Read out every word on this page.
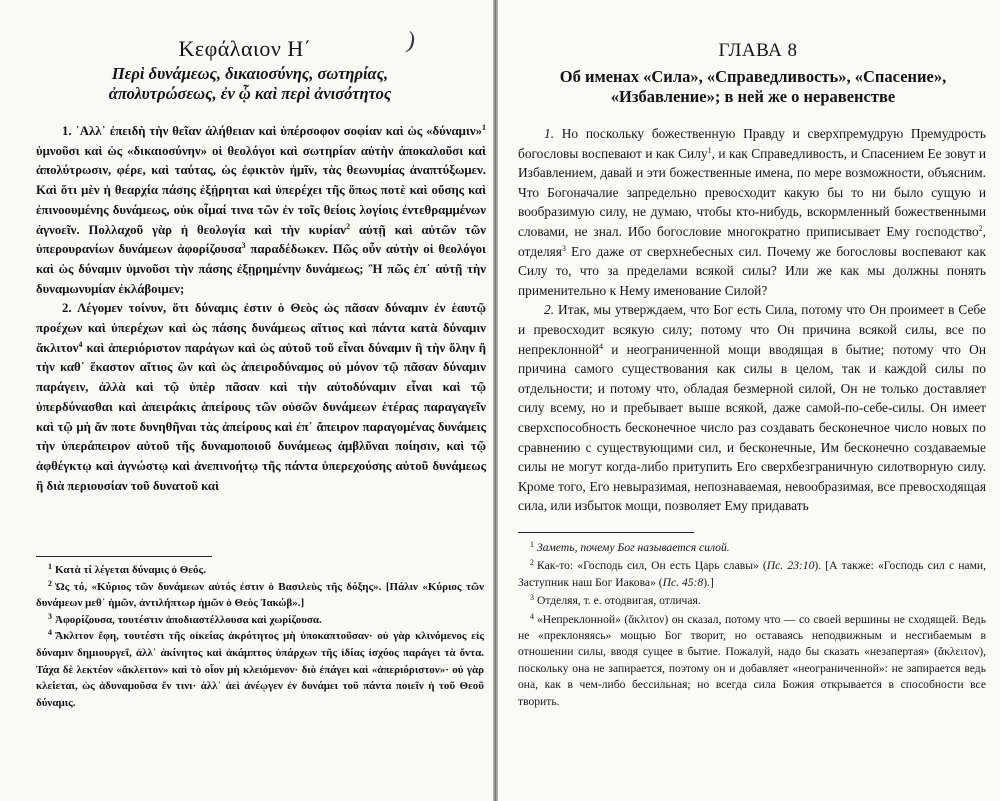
Κεφάλαιον Η΄	)
Περὶ δυνάμεως, δικαιοσύνης, σωτηρίας,
ἀπολυτρώσεως, ἐν ᾧ καὶ περὶ ἀνισότητος

1. ᾿Αλλ᾽ ἐπειδὴ τὴν θεῖαν ἀλήθειαν καὶ ὑπέρσοφον σοφίαν καὶ ὡς «δύναμιν»$^1$ ὑμνοῦσι καὶ ὡς «δικαιοσύνην» οἱ θεολόγοι καὶ σωτηρίαν αὐτὴν ἀποκαλοῦσι καὶ ἀπολύτρωσιν, φέρε, καὶ ταύτας, ὡς ἐφικτὸν ἡμῖν, τὰς θεωνυμίας ἀναπτύξωμεν. Καὶ ὅτι μὲν ἡ θεαρχία πάσης ἐξῄρηται καὶ ὑπερέχει τῆς ὅπως ποτὲ καὶ οὔσης καὶ ἐπινοουμένης δυνάμεως, οὐκ οἶμαί τινα τῶν ἐν τοῖς θείοις λογίοις ἐντεθραμμένων ἀγνοεῖν. Πολλαχοῦ γὰρ ἡ θεολογία καὶ τὴν κυρίαν$^2$ αὐτῇ καὶ αὐτῶν τῶν ὑπερουρανίων δυνάμεων ἀφορίζουσα$^3$ παραδέδωκεν. Πῶς οὖν αὐτὴν οἱ θεολόγοι καὶ ὡς δύναμιν ὑμνοῦσι τὴν πάσης ἐξῃρημένην δυνάμεως; Ἢ πῶς ἐπ᾽ αὐτῇ τὴν δυναμωνυμίαν ἐκλάβοιμεν;

2. Λέγομεν τοίνυν, ὅτι δύναμις ἐστιν ὁ Θεὸς ὡς πᾶσαν δύναμιν ἐν ἑαυτῷ προέχων καὶ ὑπερέχων καὶ ὡς πάσης δυνάμεως αἴτιος καὶ πάντα κατὰ δύναμιν ἄκλιτον$^4$ καὶ ἀπεριόριστον παράγων καὶ ὡς αὐτοῦ τοῦ εἶναι δύναμιν ἢ τὴν ὅλην ἢ τὴν καθ᾽ ἕκαστον αἴτιος ὢν καὶ ὡς ἀπειροδύναμος οὐ μόνον τῷ πᾶσαν δύναμιν παράγειν, ἀλλὰ καὶ τῷ ὑπὲρ πᾶσαν καὶ τὴν αὐτοδύναμιν εἶναι καὶ τῷ ὑπερδύνασθαι καὶ ἀπειράκις ἀπείρους τῶν οὐσῶν δυνάμεων ἑτέρας παραγαγεῖν καὶ τῷ μὴ ἄν ποτε δυνηθῆναι τὰς ἀπείρους καὶ ἐπ᾽ ἄπειρον παραγομένας δυνάμεις τὴν ὑπεράπειρον αὐτοῦ τῆς δυναμοποιοῦ δυνάμεως ἀμβλῦναι ποίησιν, καὶ τῷ ἀφθέγκτῳ καὶ ἀγνώστῳ καὶ ἀνεπινοήτῳ τῆς πάντα ὑπερεχούσης αὐτοῦ δυνάμεως ἢ διὰ περιουσίαν τοῦ δυνατοῦ καὶ

$^1$ Κατὰ τί λέγεται δύναμις ὁ Θεός.

$^2$ Ὡς τό, «Κύριος τῶν δυνάμεων αὐτός ἐστιν ὁ Βασιλεὺς τῆς δόξης». [Πάλιν «Κύριος τῶν δυνάμεων μεθ᾽ ἡμῶν, ἀντιλήπτωρ ἡμῶν ὁ Θεὸς Ἰακώβ».]

$^3$ Ἀφορίζουσα, τουτέστιν ἀποδιαστέλλουσα καὶ χωρίζουσα.

$^4$ Ἄκλιτον ἔφη, τουτέστι τῆς οἰκείας ἀκρότητος μὴ ὑποκαπτοῦσαν· οὐ γὰρ κλινόμενος εἰς δύναμιν δημιουργεῖ, ἀλλ᾽ ἀκίνητος καὶ ἀκάμπτος ὑπάρχων τῆς ἰδίας ἰσχύος παράγει τὰ ὄντα. Τάχα δὲ λεκτέον «ἄκλειτον» καὶ τὸ οἷον μὴ κλειόμενον· διὸ ἐπάγει καὶ «ἀπεριόριστον»· οὐ γὰρ κλείεται, ὡς ἀδυναμοῦσα ἔν τινι· ἀλλ᾽ ἀεὶ ἀνέῳγεν ἐν δυνάμει τοῦ πάντα ποιεῖν ἡ τοῦ Θεοῦ δύναμις.

ГЛАВА 8
Об именах «Сила», «Справедливость», «Спасение»,
«Избавление»; в ней же о неравенстве

1. Но поскольку божественную Правду и сверхпремудрую Премудрость богословы воспевают и как Силу$^1$, и как Справедливость, и Спасением Ее зовут и Избавлением, давай и эти божественные имена, по мере возможности, объясним. Что Богоначалие запредельно превосходит какую бы то ни было сущую и вообразимую силу, не думаю, чтобы кто-нибудь, вскормленный божественными словами, не знал. Ибо богословие многократно приписывает Ему господство$^2$, отделяя$^3$ Его даже от сверхнебесных сил. Почему же богословы воспевают как Силу то, что за пределами всякой силы? Или же как мы должны понять применительно к Нему именование Силой?

2. Итак, мы утверждаем, что Бог есть Сила, потому что Он проимеет в Себе и превосходит всякую силу; потому что Он причина всякой силы, все по непреклонной$^4$ и неограниченной мощи вводящая в бытие; потому что Он причина самого существования как силы в целом, так и каждой силы по отдельности; и потому что, обладая безмерной силой, Он не только доставляет силу всему, но и пребывает выше всякой, даже самой-по-себе-силы. Он имеет сверхспособность бесконечное число раз создавать бесконечное число новых по сравнению с существующими сил, и бесконечные, Им бесконечно создаваемые силы не могут когда-либо притупить Его сверхбезграничную силотворную силу. Кроме того, Его невыразимая, непознаваемая, невообразимая, все превосходящая сила, или избыток мощи, позволяет Ему придавать

$^1$ Заметь, почему Бог называется силой.

$^2$ Как-то: «Господь сил, Он есть Царь славы» (Пс. 23:10). [А также: «Господь сил с нами, Заступник наш Бог Иакова» (Пс. 45:8).]

$^3$ Отделяя, т. е. отодвигая, отличая.

$^4$ «Непреклонной» (ἄκλιτον) он сказал, потому что — со своей вершины не сходящей. Ведь не «преклоняясь» мощью Бог творит, но оставаясь неподвижным и несгибаемым в отношении силы, вводя сущее в бытие. Пожалуй, надо бы сказать «незапертая» (ἄκλειτον), поскольку она не запирается, поэтому он и добавляет «неограниченной»: не запирается ведь она, как в чем-либо бессильная; но всегда сила Божия открывается в способности все творить.
